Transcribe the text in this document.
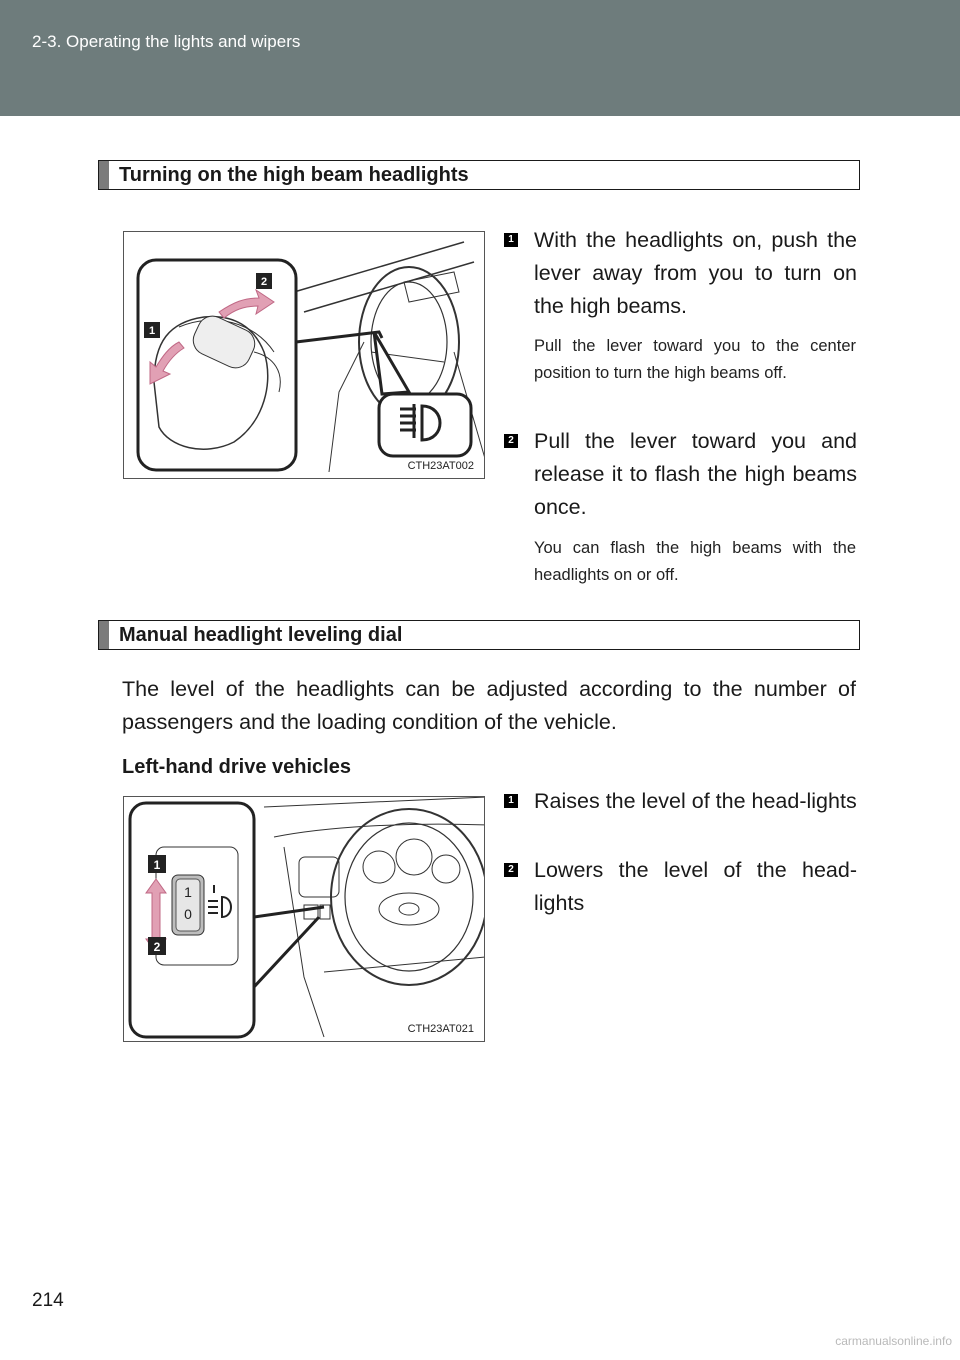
2-3. Operating the lights and wipers
Turning on the high beam headlights
2
1
CTH23AT002
1 With the headlights on, push the lever away from you to turn on the high beams.
Pull the lever toward you to the center position to turn the high beams off.
2 Pull the lever toward you and release it to flash the high beams once.
You can flash the high beams with the headlights on or off.
Manual headlight leveling dial
The level of the headlights can be adjusted according to the number of passengers and the loading condition of the vehicle.
Left-hand drive vehicles
1
0
1
2
CTH23AT021
1 Raises the level of the head-lights
2 Lowers the level of the head-lights
214
carmanualsonline.info
